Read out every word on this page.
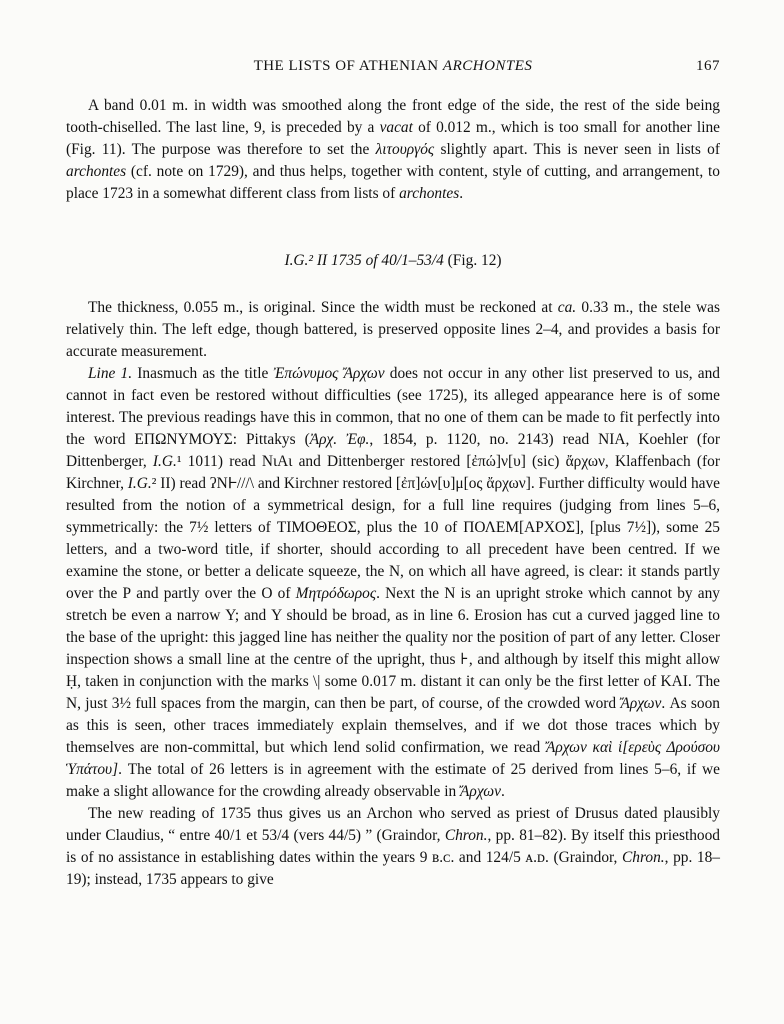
THE LISTS OF ATHENIAN ARCHONTES	167

A band 0.01 m. in width was smoothed along the front edge of the side, the rest of the side being tooth-chiselled. The last line, 9, is preceded by a vacat of 0.012 m., which is too small for another line (Fig. 11). The purpose was therefore to set the λιτουργός slightly apart. This is never seen in lists of archontes (cf. note on 1729), and thus helps, together with content, style of cutting, and arrangement, to place 1723 in a somewhat different class from lists of archontes.

I.G.² II 1735 of 40/1–53/4 (Fig. 12)

The thickness, 0.055 m., is original. Since the width must be reckoned at ca. 0.33 m., the stele was relatively thin. The left edge, though battered, is preserved opposite lines 2–4, and provides a basis for accurate measurement.

Line 1. Inasmuch as the title Ἐπώνυμος Ἄρχων does not occur in any other list preserved to us, and cannot in fact even be restored without difficulties (see 1725), its alleged appearance here is of some interest. The previous readings have this in common, that no one of them can be made to fit perfectly into the word ΕΠΩΝΥΜΟΥΣ: Pittakys (Ἀρχ. Ἐφ., 1854, p. 1120, no. 2143) read ΝΙΑ, Koehler (for Dittenberger, I.G.¹ 1011) read ΝιΑι and Dittenberger restored [ἐπώ]ν[υ] (sic) ἄρχων, Klaffenbach (for Kirchner, I.G.² II) read ʔΝ𐅂///\ and Kirchner restored [ἐπ]ών[υ]μ[ος ἄρχων]. Further difficulty would have resulted from the notion of a symmetrical design, for a full line requires (judging from lines 5–6, symmetrically: the 7½ letters of ΤΙΜΟΘΕΟΣ, plus the 10 of ΠΟΛΕΜ[ΑΡΧΟΣ], [plus 7½]), some 25 letters, and a two-word title, if shorter, should according to all precedent have been centred. If we examine the stone, or better a delicate squeeze, the Ν, on which all have agreed, is clear: it stands partly over the Ρ and partly over the Ο of Μητρόδωρος. Next the Ν is an upright stroke which cannot by any stretch be even a narrow Υ; and Υ should be broad, as in line 6. Erosion has cut a curved jagged line to the base of the upright: this jagged line has neither the quality nor the position of part of any letter. Closer inspection shows a small line at the centre of the upright, thus ⊦, and although by itself this might allow Ḥ, taken in conjunction with the marks \| some 0.017 m. distant it can only be the first letter of ΚΑΙ. The Ν, just 3½ full spaces from the margin, can then be part, of course, of the crowded word Ἄρχων. As soon as this is seen, other traces immediately explain themselves, and if we dot those traces which by themselves are non-committal, but which lend solid confirmation, we read Ἄρχων καὶ ἱ[ερεὺς Δρούσου Ὑπάτου]. The total of 26 letters is in agreement with the estimate of 25 derived from lines 5–6, if we make a slight allowance for the crowding already observable in Ἄρχων.

The new reading of 1735 thus gives us an Archon who served as priest of Drusus dated plausibly under Claudius, “ entre 40/1 et 53/4 (vers 44/5) ” (Graindor, Chron., pp. 81–82). By itself this priesthood is of no assistance in establishing dates within the years 9 ʙ.ᴄ. and 124/5 ᴀ.ᴅ. (Graindor, Chron., pp. 18–19); instead, 1735 appears to give
